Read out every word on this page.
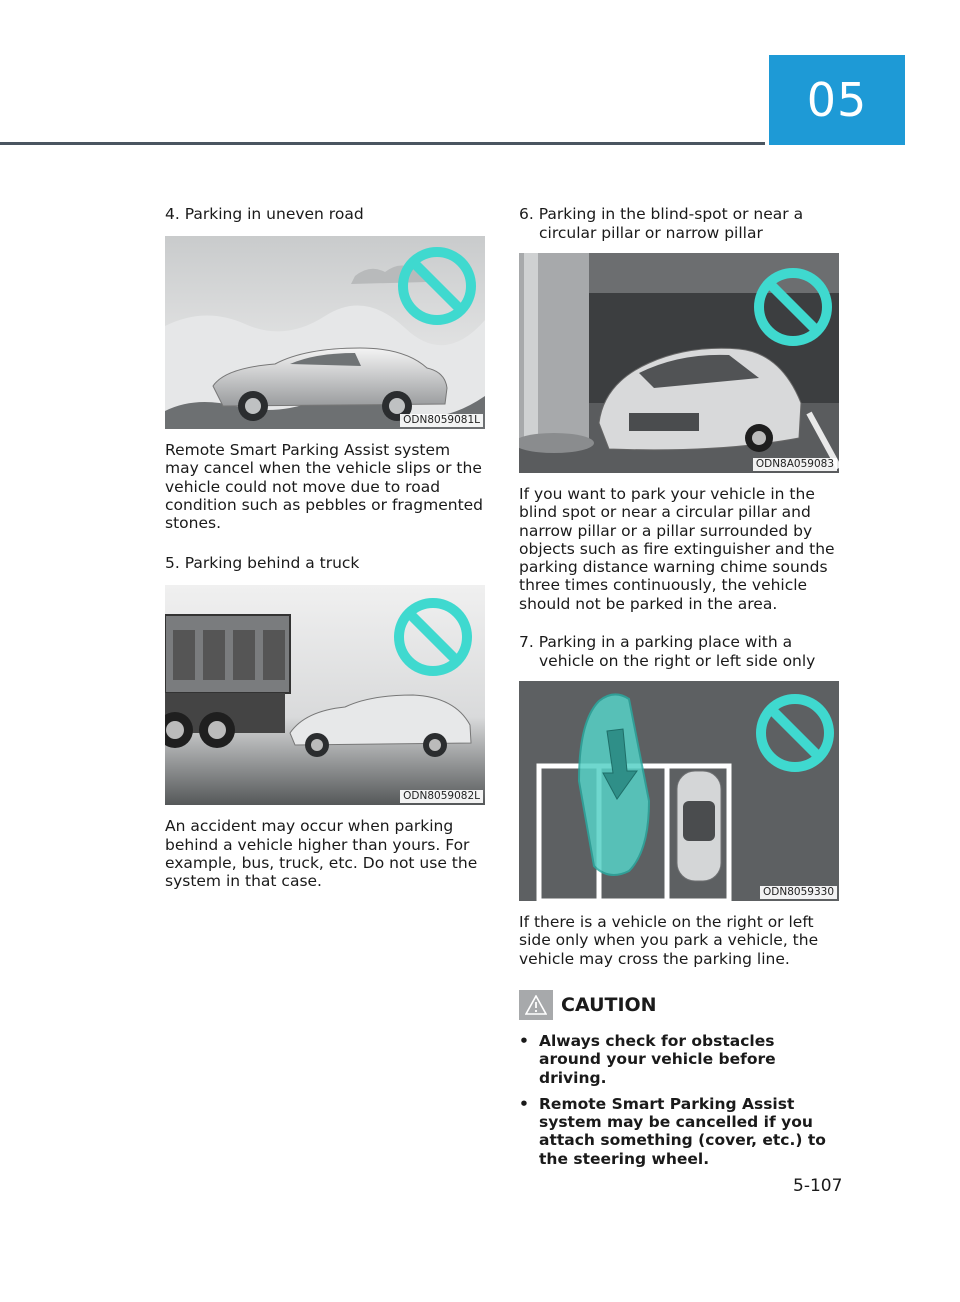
05

4. Parking in uneven road

ODN8059081L

Remote Smart Parking Assist system may cancel when the vehicle slips or the vehicle could not move due to road condition such as pebbles or fragmented stones.

5. Parking behind a truck

ODN8059082L

An accident may occur when parking behind a vehicle higher than yours. For example, bus, truck, etc. Do not use the system in that case.

6. Parking in the blind-spot or near a circular pillar or narrow pillar

ODN8A059083

If you want to park your vehicle in the blind spot or near a circular pillar and narrow pillar or a pillar surrounded by objects such as fire extinguisher and the parking distance warning chime sounds three times continuously, the vehicle should not be parked in the area.

7. Parking in a parking place with a vehicle on the right or left side only

ODN8059330

If there is a vehicle on the right or left side only when you park a vehicle, the vehicle may cross the parking line.

CAUTION
• Always check for obstacles around your vehicle before driving.
• Remote Smart Parking Assist system may be cancelled if you attach something (cover, etc.) to the steering wheel.
5-107
